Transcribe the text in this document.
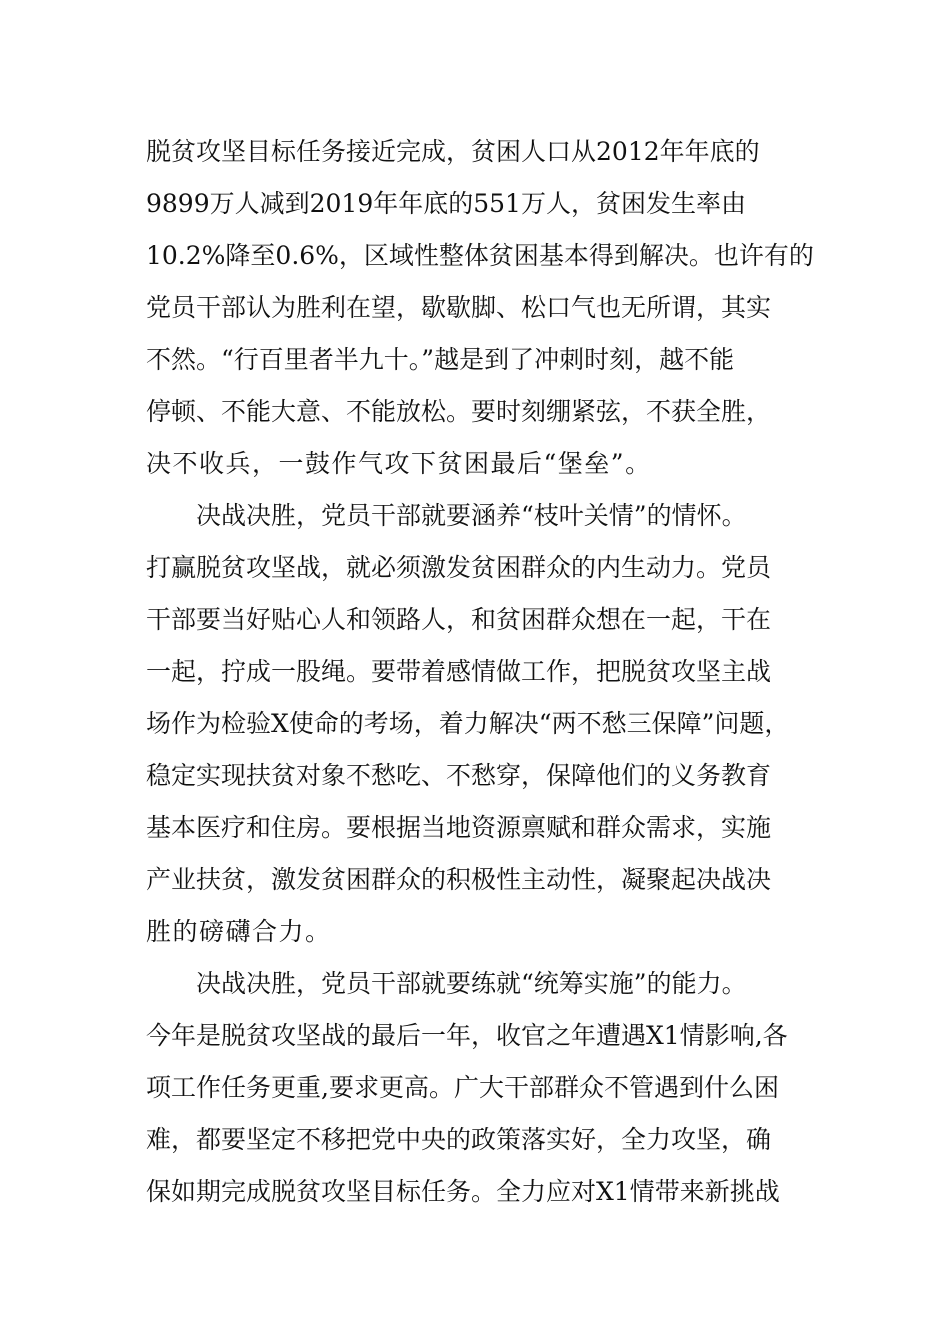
脱贫攻坚目标任务接近完成，贫困人口从2012年年底的
9899万人减到2019年年底的551万人，贫困发生率由
10.2%降至0.6%，区域性整体贫困基本得到解决。也许有的
党员干部认为胜利在望，歇歇脚、松口气也无所谓，其实
不然。“行百里者半九十。”越是到了冲刺时刻，越不能
停顿、不能大意、不能放松。要时刻绷紧弦，不获全胜，
决不收兵，一鼓作气攻下贫困最后“堡垒”。
　　决战决胜，党员干部就要涵养“枝叶关情”的情怀。
打赢脱贫攻坚战，就必须激发贫困群众的内生动力。党员
干部要当好贴心人和领路人，和贫困群众想在一起，干在
一起，拧成一股绳。要带着感情做工作，把脱贫攻坚主战
场作为检验X使命的考场，着力解决“两不愁三保障”问题，
稳定实现扶贫对象不愁吃、不愁穿，保障他们的义务教育
基本医疗和住房。要根据当地资源禀赋和群众需求，实施
产业扶贫，激发贫困群众的积极性主动性，凝聚起决战决
胜的磅礴合力。
　　决战决胜，党员干部就要练就“统筹实施”的能力。
今年是脱贫攻坚战的最后一年，收官之年遭遇X1情影响,各
项工作任务更重,要求更高。广大干部群众不管遇到什么困
难，都要坚定不移把党中央的政策落实好，全力攻坚，确
保如期完成脱贫攻坚目标任务。全力应对X1情带来新挑战
